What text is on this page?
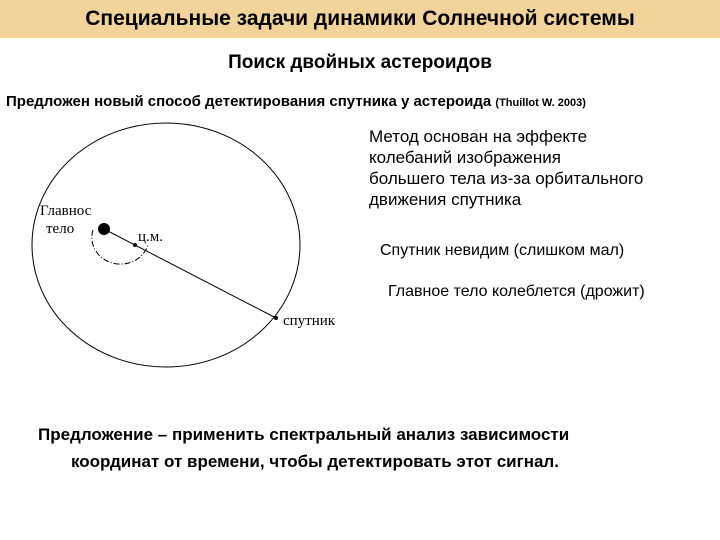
Специальные задачи динамики Солнечной системы
Поиск двойных астероидов
Предложен новый способ детектирования спутника у астероида (Thuillot W. 2003)
Главнос
тело	ц.м.
спутник
Метод основан на эффекте
колебаний изображения
большего тела из-за орбитального
движения спутника
Спутник невидим (слишком мал)
Главное тело колеблется (дрожит)
Предложение – применить спектральный анализ зависимости
координат от времени, чтобы детектировать этот сигнал.
